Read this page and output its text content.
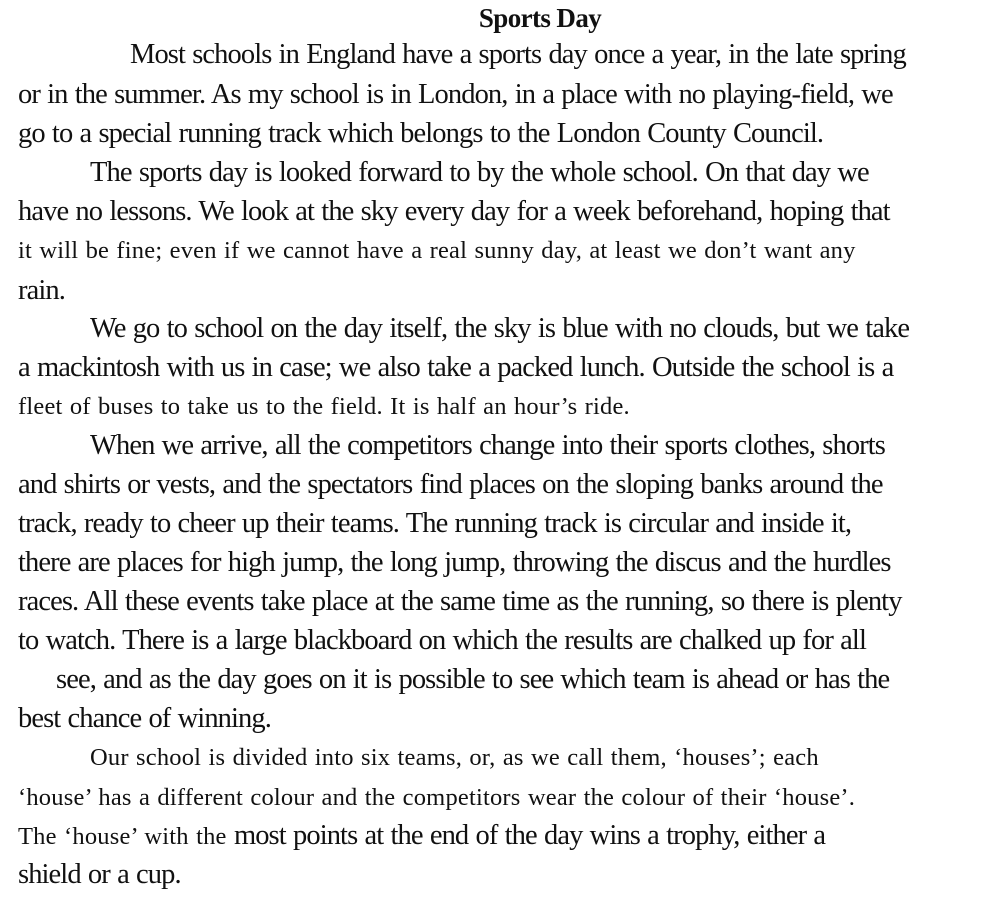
Sports Day
Most schools in England have a sports day once a year, in the late spring
or in the summer. As my school is in London, in a place with no playing-field, we
go to a special running track which belongs to the London County Council.
The sports day is looked forward to by the whole school. On that day we
have no lessons. We look at the sky every day for a week beforehand, hoping that
it will be fine; even if we cannot have a real sunny day, at least we don’t want any
rain.
We go to school on the day itself, the sky is blue with no clouds, but we take
a mackintosh with us in case; we also take a packed lunch. Outside the school is a
fleet of buses to take us to the field. It is half an hour’s ride.
When we arrive, all the competitors change into their sports clothes, shorts
and shirts or vests, and the spectators find places on the sloping banks around the
track, ready to cheer up their teams. The running track is circular and inside it,
there are places for high jump, the long jump, throwing the discus and the hurdles
races. All these events take place at the same time as the running, so there is plenty
to watch. There is a large blackboard on which the results are chalked up for all
see, and as the day goes on it is possible to see which team is ahead or has the
best chance of winning.
Our school is divided into six teams, or, as we call them, ‘houses’; each
‘house’ has a different colour and the competitors wear the colour of their ‘house’.
The ‘house’ with the most points at the end of the day wins a trophy, either a
shield or a cup.
